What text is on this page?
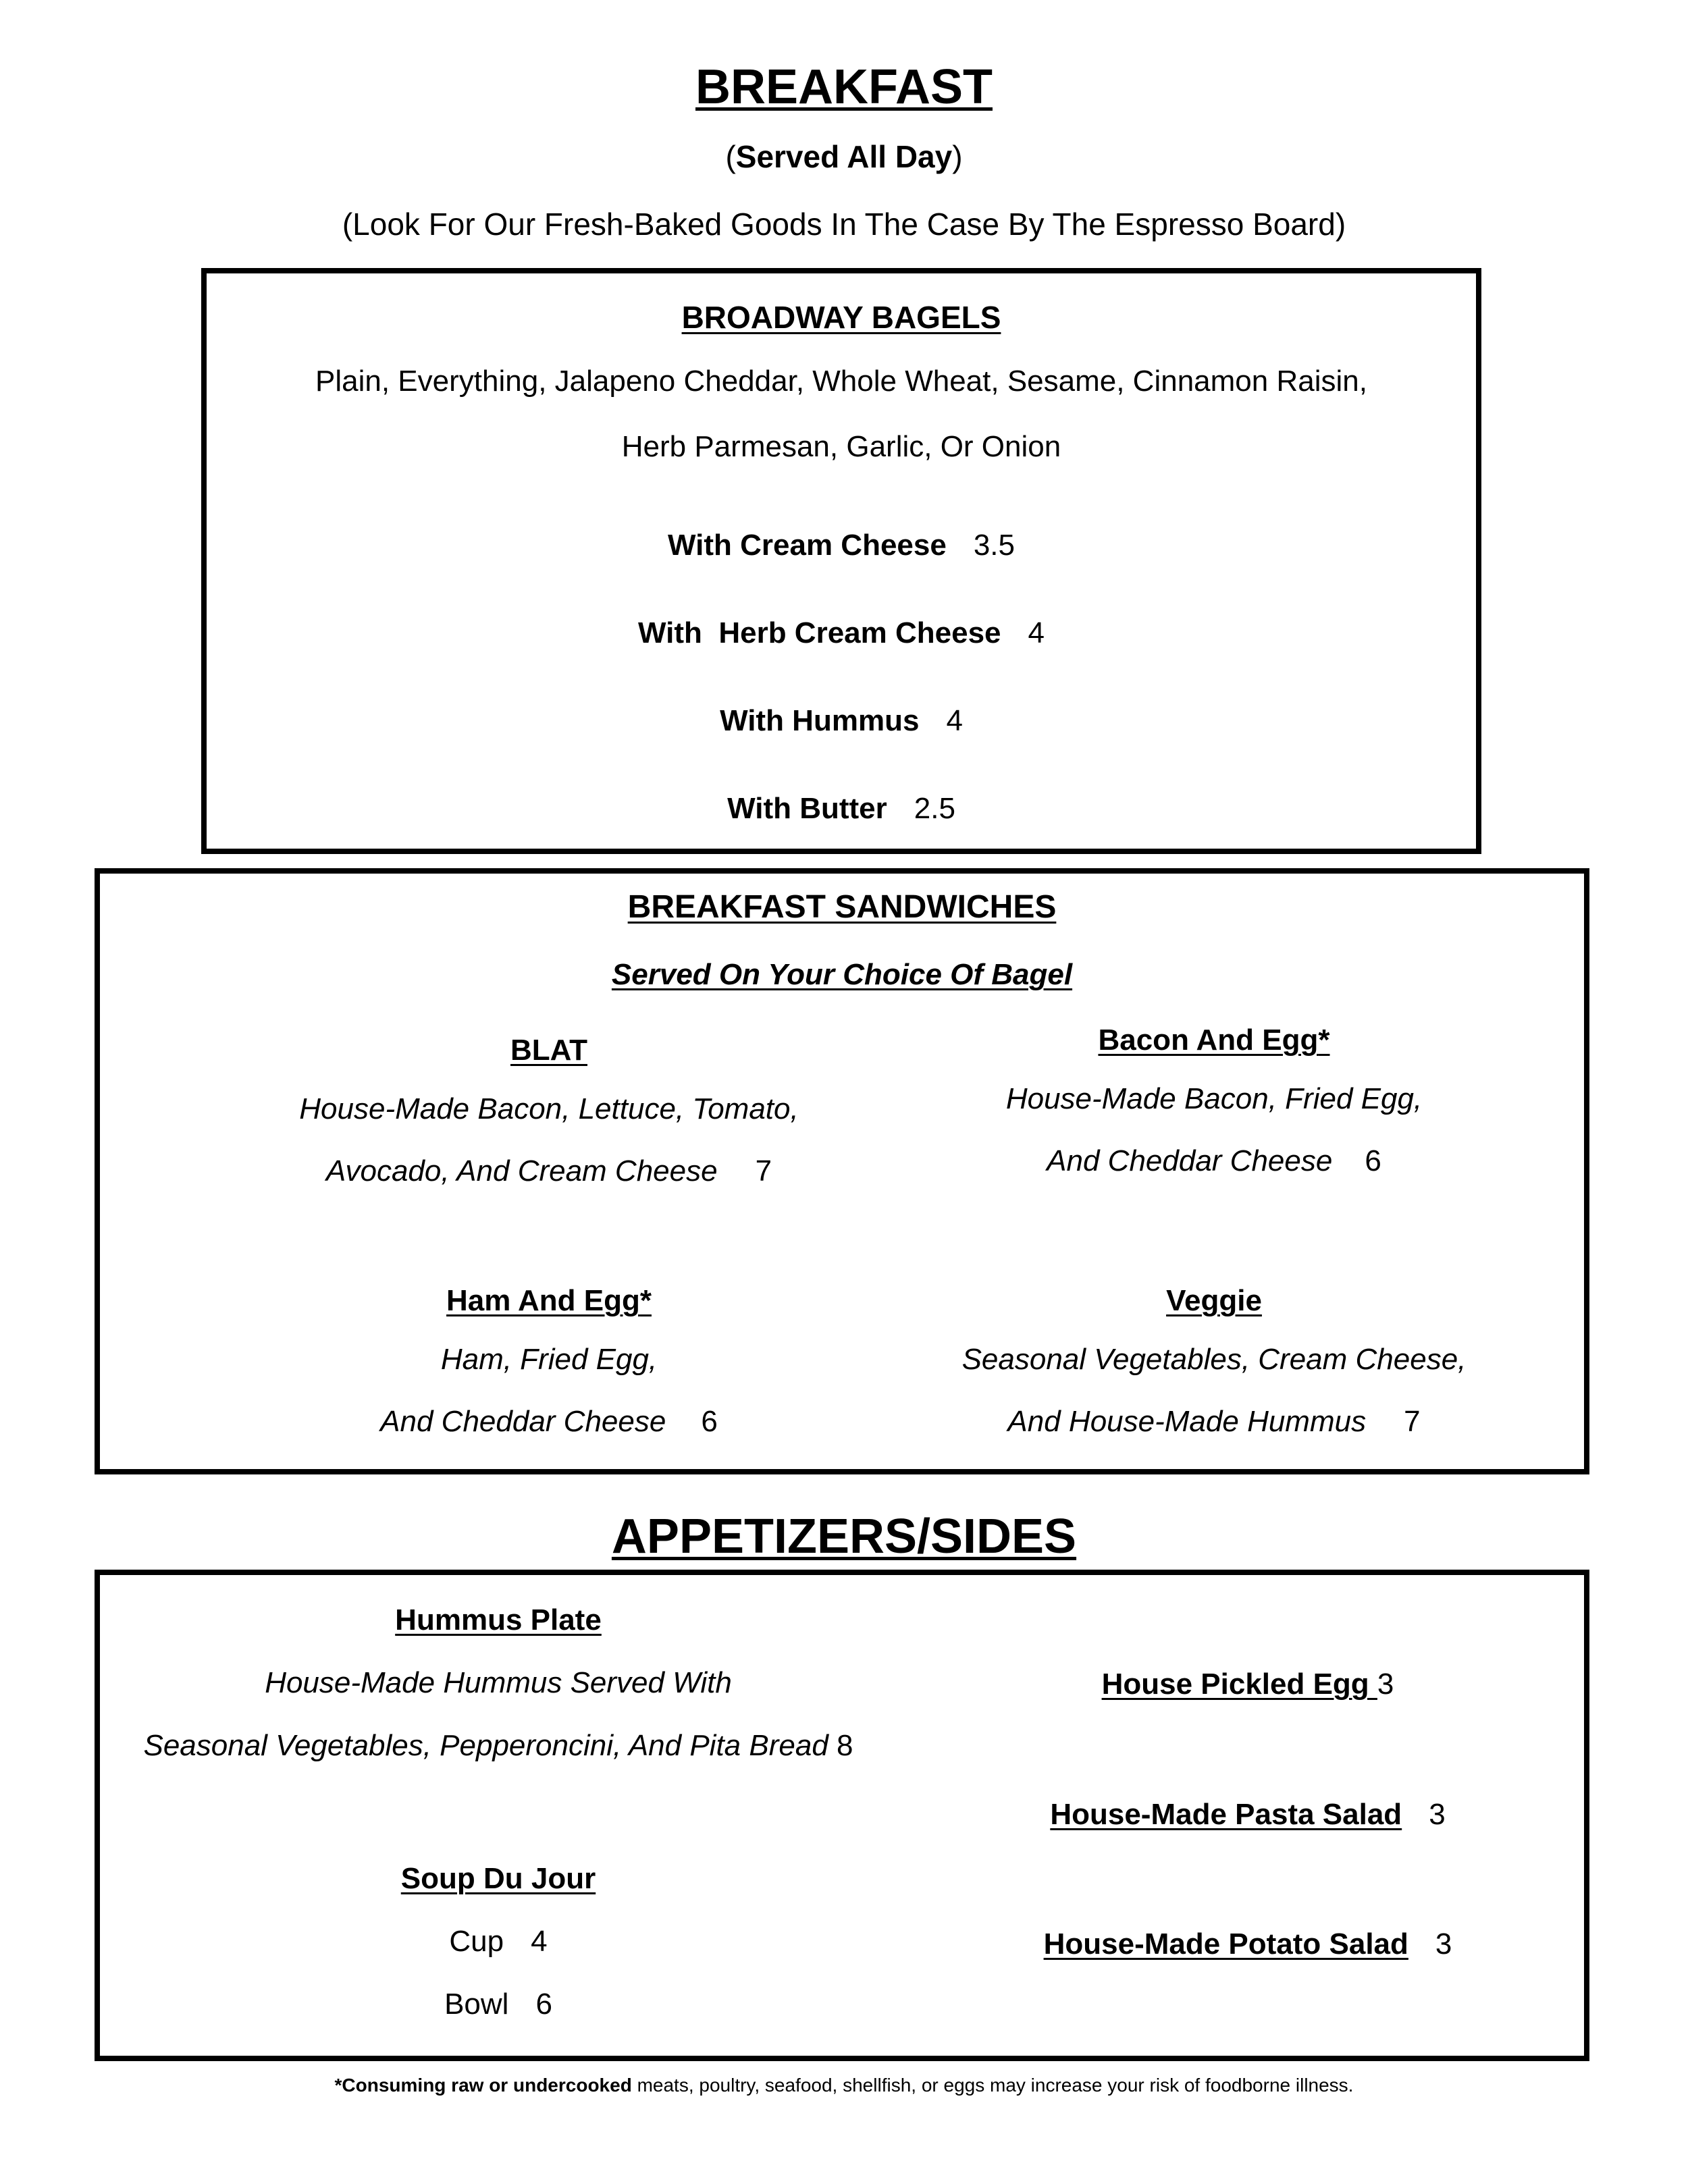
BREAKFAST
(Served All Day)
(Look For Our Fresh-Baked Goods In The Case By The Espresso Board)
BROADWAY BAGELS
Plain, Everything, Jalapeno Cheddar, Whole Wheat, Sesame, Cinnamon Raisin,
Herb Parmesan, Garlic, Or Onion
With Cream Cheese 3.5
With  Herb Cream Cheese 4
With Hummus 4
With Butter 2.5
BREAKFAST SANDWICHES
Served On Your Choice Of Bagel
BLAT
House-Made Bacon, Lettuce, Tomato,
Avocado, And Cream Cheese 7
Bacon And Egg*
House-Made Bacon, Fried Egg,
And Cheddar Cheese 6
Ham And Egg*
Ham, Fried Egg,
And Cheddar Cheese 6
Veggie
Seasonal Vegetables, Cream Cheese,
And House-Made Hummus 7
APPETIZERS/SIDES
Hummus Plate
House-Made Hummus Served With
Seasonal Vegetables, Pepperoncini, And Pita Bread 8
Soup Du Jour
Cup 4
Bowl 6
House Pickled Egg 3
House-Made Pasta Salad 3
House-Made Potato Salad 3
*Consuming raw or undercooked meats, poultry, seafood, shellfish, or eggs may increase your risk of foodborne illness.
